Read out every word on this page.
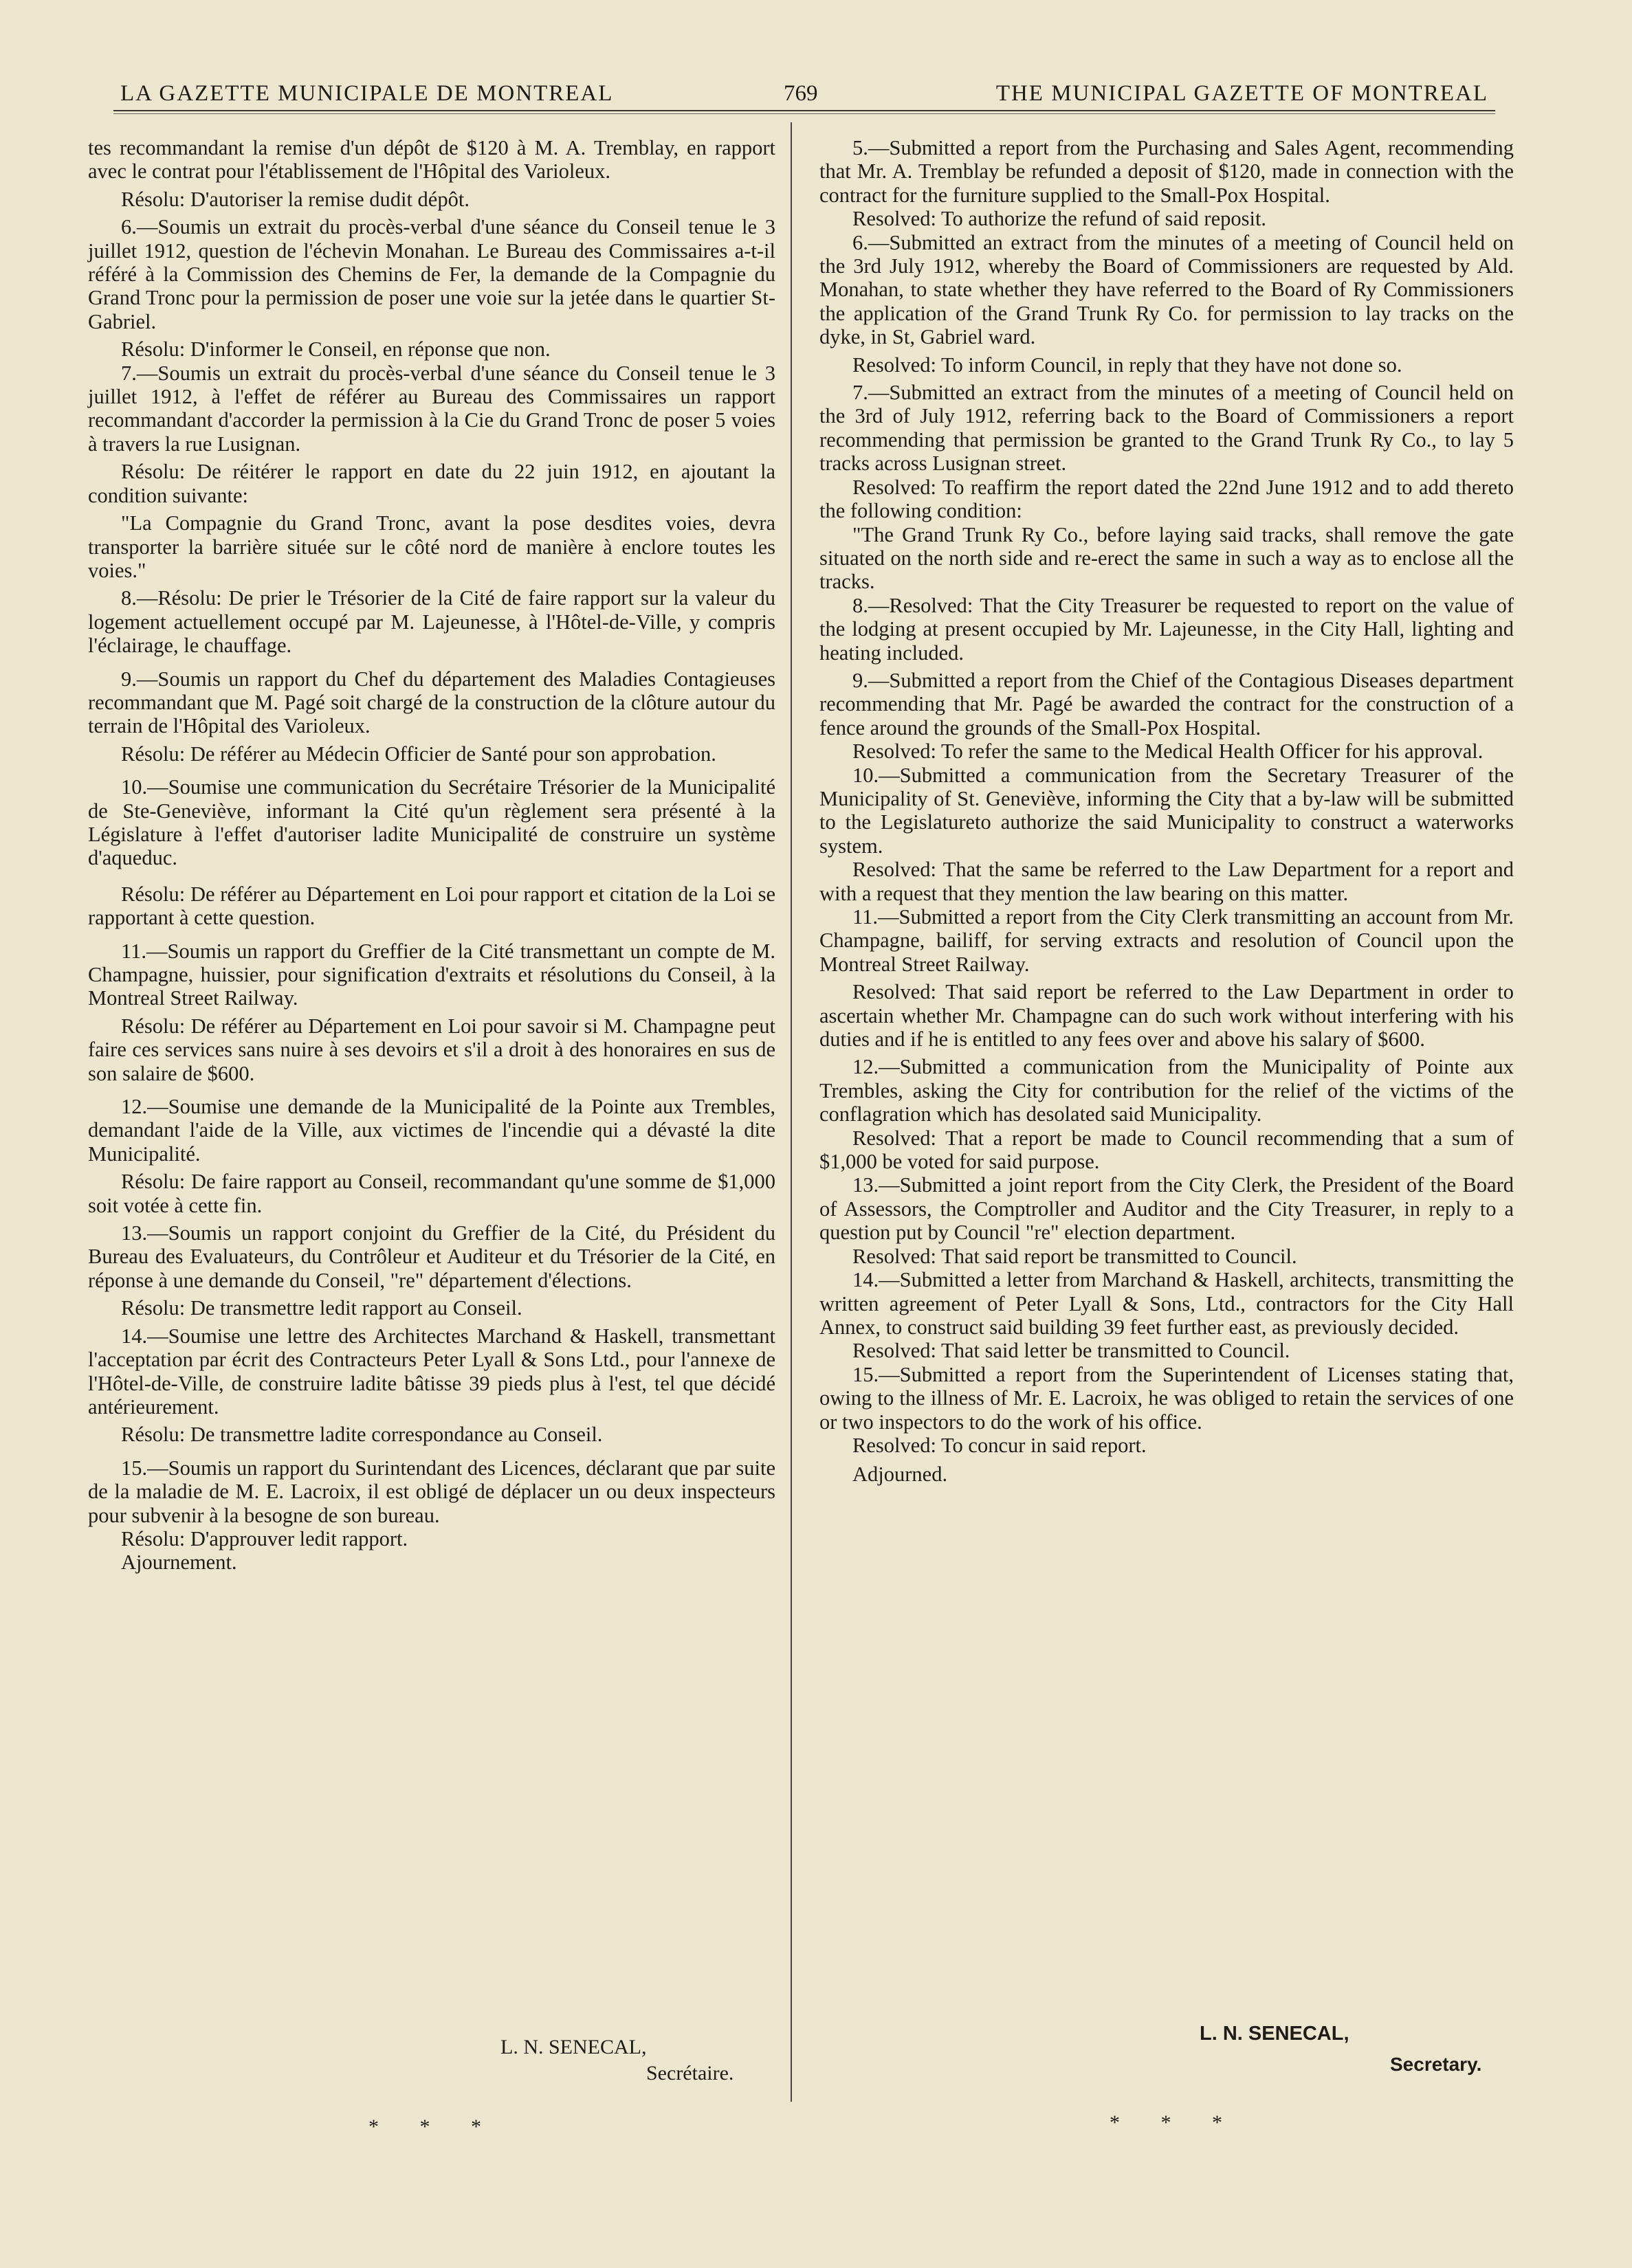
LA GAZETTE MUNICIPALE DE MONTREAL	769	THE MUNICIPAL GAZETTE OF MONTREAL

tes recommandant la remise d'un dépôt de $120 à M. A. Tremblay, en rapport avec le contrat pour l'établissement de l'Hôpital des Varioleux.

Résolu: D'autoriser la remise dudit dépôt.

6.—Soumis un extrait du procès-verbal d'une séance du Conseil tenue le 3 juillet 1912, question de l'échevin Monahan. Le Bureau des Commissaires a-t-il référé à la Commission des Chemins de Fer, la demande de la Compagnie du Grand Tronc pour la permission de poser une voie sur la jetée dans le quartier St-Gabriel.

Résolu: D'informer le Conseil, en réponse que non.

7.—Soumis un extrait du procès-verbal d'une séance du Conseil tenue le 3 juillet 1912, à l'effet de référer au Bureau des Commissaires un rapport recommandant d'accorder la permission à la Cie du Grand Tronc de poser 5 voies à travers la rue Lusignan.

Résolu: De réitérer le rapport en date du 22 juin 1912, en ajoutant la condition suivante:

"La Compagnie du Grand Tronc, avant la pose desdites voies, devra transporter la barrière située sur le côté nord de manière à enclore toutes les voies."

8.—Résolu: De prier le Trésorier de la Cité de faire rapport sur la valeur du logement actuellement occupé par M. Lajeunesse, à l'Hôtel-de-Ville, y compris l'éclairage, le chauffage.

9.—Soumis un rapport du Chef du département des Maladies Contagieuses recommandant que M. Pagé soit chargé de la construction de la clôture autour du terrain de l'Hôpital des Varioleux.

Résolu: De référer au Médecin Officier de Santé pour son approbation.

10.—Soumise une communication du Secrétaire Trésorier de la Municipalité de Ste-Geneviève, informant la Cité qu'un règlement sera présenté à la Législature à l'effet d'autoriser ladite Municipalité de construire un système d'aqueduc.

Résolu: De référer au Département en Loi pour rapport et citation de la Loi se rapportant à cette question.

11.—Soumis un rapport du Greffier de la Cité transmettant un compte de M. Champagne, huissier, pour signification d'extraits et résolutions du Conseil, à la Montreal Street Railway.

Résolu: De référer au Département en Loi pour savoir si M. Champagne peut faire ces services sans nuire à ses devoirs et s'il a droit à des honoraires en sus de son salaire de $600.

12.—Soumise une demande de la Municipalité de la Pointe aux Trembles, demandant l'aide de la Ville, aux victimes de l'incendie qui a dévasté la dite Municipalité.

Résolu: De faire rapport au Conseil, recommandant qu'une somme de $1,000 soit votée à cette fin.

13.—Soumis un rapport conjoint du Greffier de la Cité, du Président du Bureau des Evaluateurs, du Contrôleur et Auditeur et du Trésorier de la Cité, en réponse à une demande du Conseil, "re" département d'élections.

Résolu: De transmettre ledit rapport au Conseil.

14.—Soumise une lettre des Architectes Marchand & Haskell, transmettant l'acceptation par écrit des Contracteurs Peter Lyall & Sons Ltd., pour l'annexe de l'Hôtel-de-Ville, de construire ladite bâtisse 39 pieds plus à l'est, tel que décidé antérieurement.

Résolu: De transmettre ladite correspondance au Conseil.

15.—Soumis un rapport du Surintendant des Licences, déclarant que par suite de la maladie de M. E. Lacroix, il est obligé de déplacer un ou deux inspecteurs pour subvenir à la besogne de son bureau.

Résolu: D'approuver ledit rapport.

Ajournement.

L. N. SENECAL,
Secrétaire.
* * *

5.—Submitted a report from the Purchasing and Sales Agent, recommending that Mr. A. Tremblay be refunded a deposit of $120, made in connection with the contract for the furniture supplied to the Small-Pox Hospital.

Resolved: To authorize the refund of said reposit.

6.—Submitted an extract from the minutes of a meeting of Council held on the 3rd July 1912, whereby the Board of Commissioners are requested by Ald. Monahan, to state whether they have referred to the Board of Ry Commissioners the application of the Grand Trunk Ry Co. for permission to lay tracks on the dyke, in St, Gabriel ward.

Resolved: To inform Council, in reply that they have not done so.

7.—Submitted an extract from the minutes of a meeting of Council held on the 3rd of July 1912, referring back to the Board of Commissioners a report recommending that permission be granted to the Grand Trunk Ry Co., to lay 5 tracks across Lusignan street.

Resolved: To reaffirm the report dated the 22nd June 1912 and to add thereto the following condition:

"The Grand Trunk Ry Co., before laying said tracks, shall remove the gate situated on the north side and re-erect the same in such a way as to enclose all the tracks.

8.—Resolved: That the City Treasurer be requested to report on the value of the lodging at present occupied by Mr. Lajeunesse, in the City Hall, lighting and heating included.

9.—Submitted a report from the Chief of the Contagious Diseases department recommending that Mr. Pagé be awarded the contract for the construction of a fence around the grounds of the Small-Pox Hospital.

Resolved: To refer the same to the Medical Health Officer for his approval.

10.—Submitted a communication from the Secretary Treasurer of the Municipality of St. Geneviève, informing the City that a by-law will be submitted to the Legislatureto authorize the said Municipality to construct a waterworks system.

Resolved: That the same be referred to the Law Department for a report and with a request that they mention the law bearing on this matter.

11.—Submitted a report from the City Clerk transmitting an account from Mr. Champagne, bailiff, for serving extracts and resolution of Council upon the Montreal Street Railway.

Resolved: That said report be referred to the Law Department in order to ascertain whether Mr. Champagne can do such work without interfering with his duties and if he is entitled to any fees over and above his salary of $600.

12.—Submitted a communication from the Municipality of Pointe aux Trembles, asking the City for contribution for the relief of the victims of the conflagration which has desolated said Municipality.

Resolved: That a report be made to Council recommending that a sum of $1,000 be voted for said purpose.

13.—Submitted a joint report from the City Clerk, the President of the Board of Assessors, the Comptroller and Auditor and the City Treasurer, in reply to a question put by Council "re" election department.

Resolved: That said report be transmitted to Council.

14.—Submitted a letter from Marchand & Haskell, architects, transmitting the written agreement of Peter Lyall & Sons, Ltd., contractors for the City Hall Annex, to construct said building 39 feet further east, as previously decided.

Resolved: That said letter be transmitted to Council.

15.—Submitted a report from the Superintendent of Licenses stating that, owing to the illness of Mr. E. Lacroix, he was obliged to retain the services of one or two inspectors to do the work of his office.

Resolved: To concur in said report.

Adjourned.

L. N. SENECAL,
Secretary.
* * *
